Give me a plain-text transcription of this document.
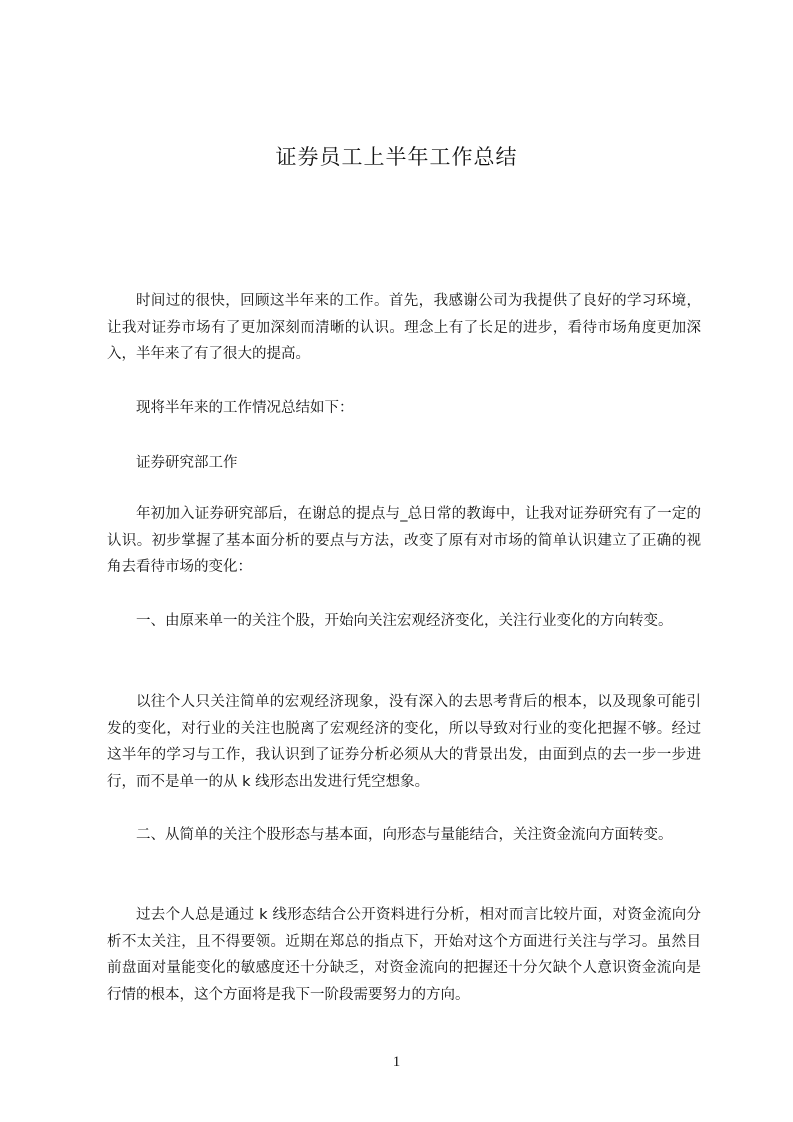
证券员工上半年工作总结

时间过的很快，回顾这半年来的工作。首先，我感谢公司为我提供了良好的学习环境，让我对证券市场有了更加深刻而清晰的认识。理念上有了长足的进步，看待市场角度更加深入，半年来了有了很大的提高。

现将半年来的工作情况总结如下：

证券研究部工作

年初加入证券研究部后，在谢总的提点与_总日常的教诲中，让我对证券研究有了一定的认识。初步掌握了基本面分析的要点与方法，改变了原有对市场的简单认识建立了正确的视角去看待市场的变化：

一、由原来单一的关注个股，开始向关注宏观经济变化，关注行业变化的方向转变。

以往个人只关注简单的宏观经济现象，没有深入的去思考背后的根本，以及现象可能引发的变化，对行业的关注也脱离了宏观经济的变化，所以导致对行业的变化把握不够。经过这半年的学习与工作，我认识到了证券分析必须从大的背景出发，由面到点的去一步一步进行，而不是单一的从 k 线形态出发进行凭空想象。

二、从简单的关注个股形态与基本面，向形态与量能结合，关注资金流向方面转变。

过去个人总是通过 k 线形态结合公开资料进行分析，相对而言比较片面，对资金流向分析不太关注，且不得要领。近期在郑总的指点下，开始对这个方面进行关注与学习。虽然目前盘面对量能变化的敏感度还十分缺乏，对资金流向的把握还十分欠缺个人意识资金流向是行情的根本，这个方面将是我下一阶段需要努力的方向。

1
